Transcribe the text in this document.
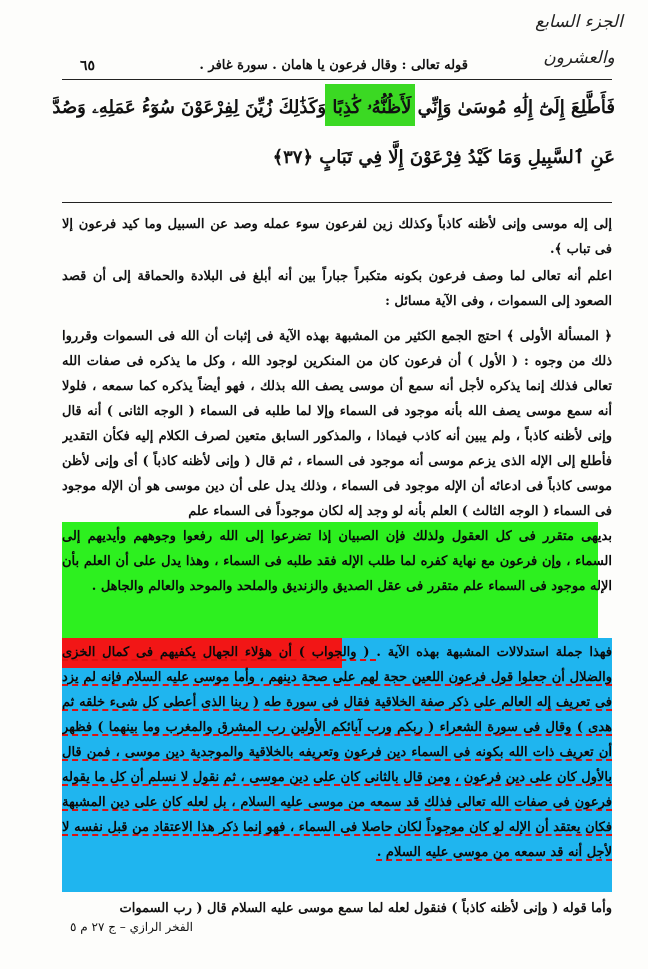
الجزء السابع والعشرون
قوله تعالى : وقال فرعون يا هامان . سورة غافر .
٦٥
فَأَطَّلِعَ إِلَىٰٓ إِلَٰهِ مُوسَىٰ وَإِنِّي لَأَظُنُّهُۥ كَٰذِبًا وَكَذَٰلِكَ زُيِّنَ لِفِرْعَوْنَ سُوٓءُ عَمَلِهِۦ وَصُدَّ
عَنِ ٱلسَّبِيلِ وَمَا كَيْدُ فِرْعَوْنَ إِلَّا فِي تَبَابٍ ﴿٣٧﴾
إلى إله موسى وإنى لأظنه كاذباً وكذلك زين لفرعون سوء عمله وصد عن السبيل وما كيد فرعون إلا فى تباب ﴾.
اعلم أنه تعالى لما وصف فرعون بكونه متكبراً جباراً بين أنه أبلغ فى البلادة والحماقة إلى أن قصد الصعود إلى السموات ، وفى الآية مسائل :
﴿ المسألة الأولى ﴾ احتج الجمع الكثير من المشبهة بهذه الآية فى إثبات أن الله فى السموات وقرروا ذلك من وجوه : ( الأول ) أن فرعون كان من المنكرين لوجود الله ، وكل ما يذكره فى صفات الله تعالى فذلك إنما يذكره لأجل أنه سمع أن موسى يصف الله بذلك ، فهو أيضاً يذكره كما سمعه ، فلولا أنه سمع موسى يصف الله بأنه موجود فى السماء وإلا لما طلبه فى السماء ( الوجه الثانى ) أنه قال وإنى لأظنه كاذباً ، ولم يبين أنه كاذب فيماذا ، والمذكور السابق متعين لصرف الكلام إليه فكأن التقدير فأطلع إلى الإله الذى يزعم موسى أنه موجود فى السماء ، ثم قال ( وإنى لأظنه كاذباً ) أى وإنى لأظن موسى كاذباً فى ادعائه أن الإله موجود فى السماء ، وذلك يدل على أن دين موسى هو أن الإله موجود فى السماء ( الوجه الثالث ) العلم بأنه لو وجد إله لكان موجوداً فى السماء علم
بديهى متقرر فى كل العقول ولذلك فإن الصبيان إذا تضرعوا إلى الله رفعوا وجوههم وأيديهم إلى السماء ، وإن فرعون مع نهاية كفره لما طلب الإله فقد طلبه فى السماء ، وهذا يدل على أن العلم بأن الإله موجود فى السماء علم متقرر فى عقل الصديق والزنديق والملحد والموحد والعالم والجاهل .
فهذا جملة استدلالات المشبهة بهذه الآية . ( والجواب ) أن هؤلاء الجهال يكفيهم فى كمال الخزى والضلال أن جعلوا قول فرعون اللعين حجة لهم على صحة دينهم ، وأما موسى عليه السلام فإنه لم يزد فى تعريف إله العالم على ذكر صفة الخلاقية فقال فى سورة طه ( ربنا الذى أعطى كل شىء خلقه ثم هدى ) وقال فى سورة الشعراء ( ربكم ورب آبائكم الأولين رب المشرق والمغرب وما بينهما ) فظهر أن تعريف ذات الله بكونه فى السماء دين فرعون وتعريفه بالخلاقية والموجدية دين موسى ، فمن قال بالأول كان على دين فرعون ، ومن قال بالثانى كان على دين موسى ، ثم نقول لا نسلم أن كل ما يقوله فرعون فى صفات الله تعالى فذلك قد سمعه من موسى عليه السلام ، بل لعله كان على دين المشبهة فكان يعتقد أن الإله لو كان موجوداً لكان حاصلا فى السماء ، فهو إنما ذكر هذا الاعتقاد من قبل نفسه لا لأجل أنه قد سمعه من موسى عليه السلام .
وأما قوله ( وإنى لأظنه كاذباً ) فنقول لعله لما سمع موسى عليه السلام قال ( رب السموات
الفخر الرازي – ج ٢٧ م ٥
